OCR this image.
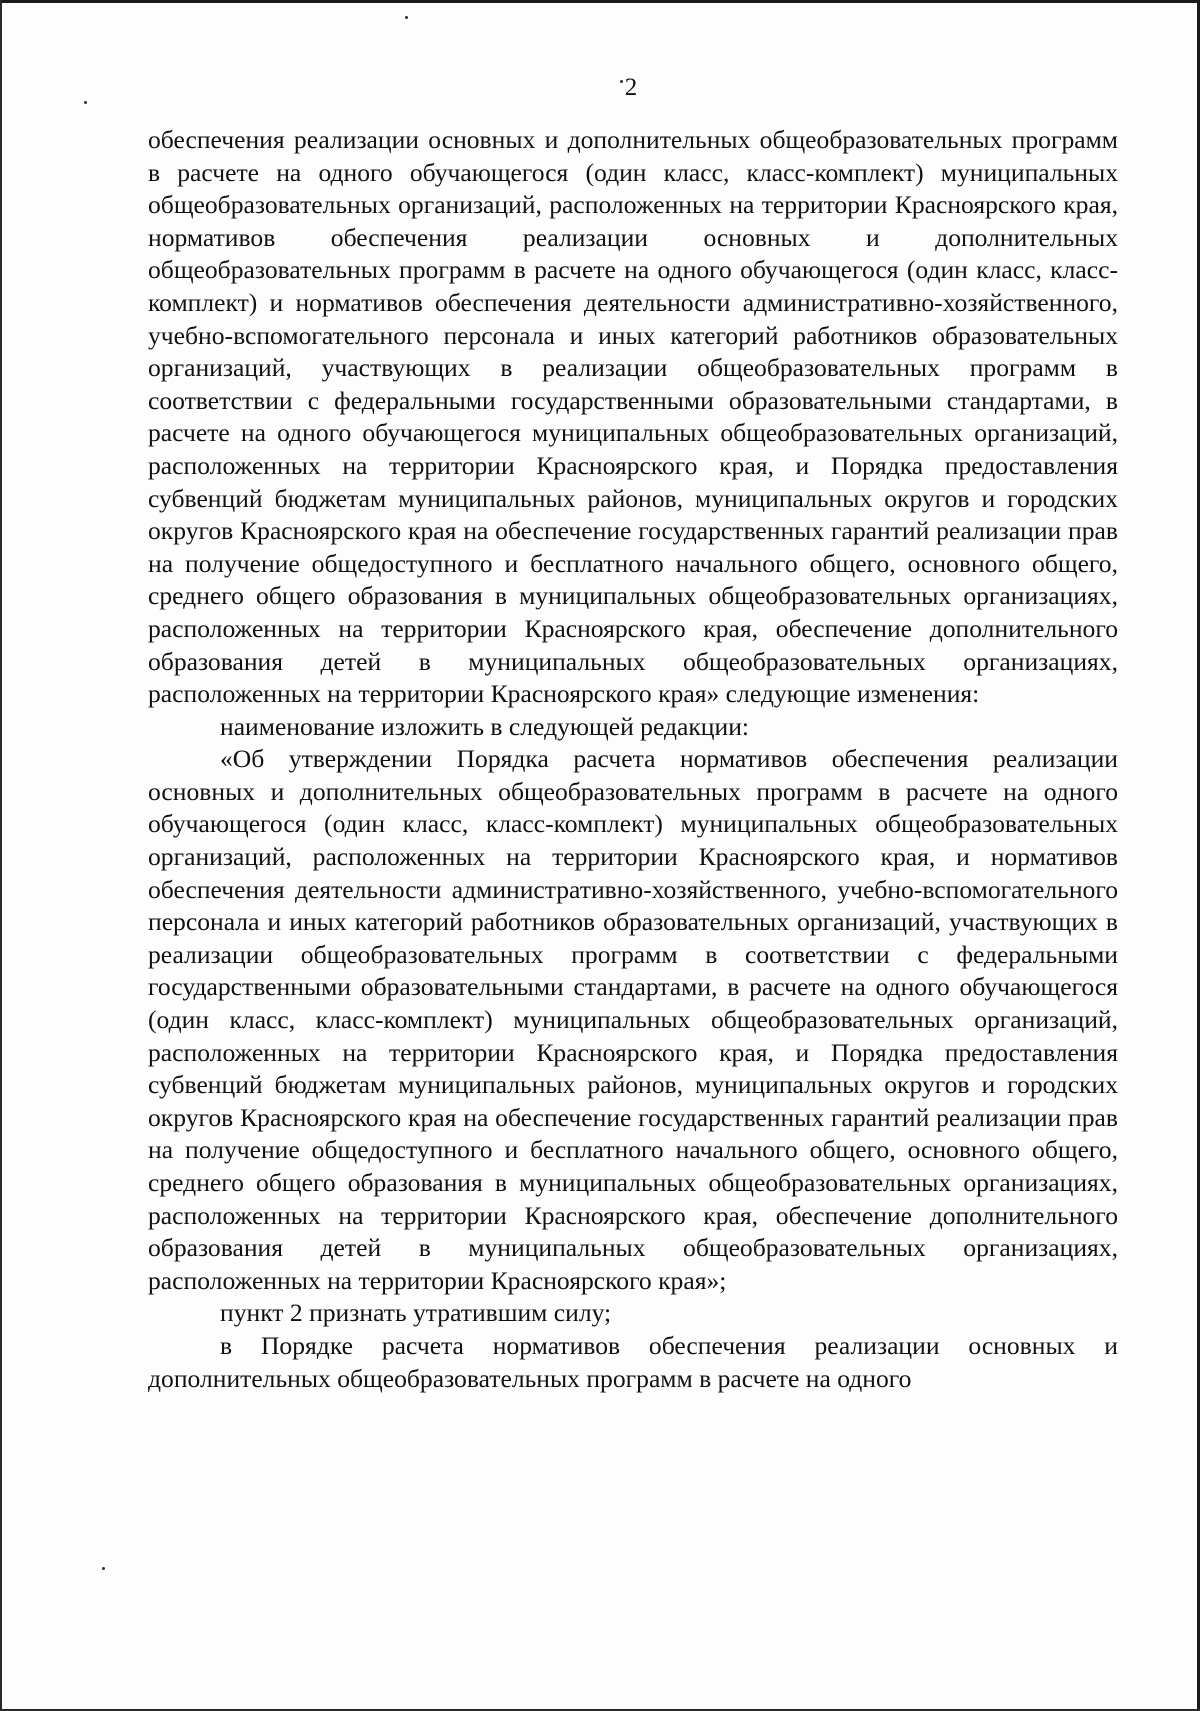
2

обеспечения реализации основных и дополнительных общеобразовательных программ в расчете на одного обучающегося (один класс, класс-комплект) муниципальных общеобразовательных организаций, расположенных на территории Красноярского края, нормативов обеспечения реализации основных и дополнительных общеобразовательных программ в расчете на одного обучающегося (один класс, класс-комплект) и нормативов обеспечения деятельности административно-хозяйственного, учебно-вспомогательного персонала и иных категорий работников образовательных организаций, участвующих в реализации общеобразовательных программ в соответствии с федеральными государственными образовательными стандартами, в расчете на одного обучающегося муниципальных общеобразовательных организаций, расположенных на территории Красноярского края, и Порядка предоставления субвенций бюджетам муниципальных районов, муниципальных округов и городских округов Красноярского края на обеспечение государственных гарантий реализации прав на получение общедоступного и бесплатного начального общего, основного общего, среднего общего образования в муниципальных общеобразовательных организациях, расположенных на территории Красноярского края, обеспечение дополнительного образования детей в муниципальных общеобразовательных организациях, расположенных на территории Красноярского края» следующие изменения:

наименование изложить в следующей редакции:

«Об утверждении Порядка расчета нормативов обеспечения реализации основных и дополнительных общеобразовательных программ в расчете на одного обучающегося (один класс, класс-комплект) муниципальных общеобразовательных организаций, расположенных на территории Красноярского края, и нормативов обеспечения деятельности административно-хозяйственного, учебно-вспомогательного персонала и иных категорий работников образовательных организаций, участвующих в реализации общеобразовательных программ в соответствии с федеральными государственными образовательными стандартами, в расчете на одного обучающегося (один класс, класс-комплект) муниципальных общеобразовательных организаций, расположенных на территории Красноярского края, и Порядка предоставления субвенций бюджетам муниципальных районов, муниципальных округов и городских округов Красноярского края на обеспечение государственных гарантий реализации прав на получение общедоступного и бесплатного начального общего, основного общего, среднего общего образования в муниципальных общеобразовательных организациях, расположенных на территории Красноярского края, обеспечение дополнительного образования детей в муниципальных общеобразовательных организациях, расположенных на территории Красноярского края»;

пункт 2 признать утратившим силу;

в Порядке расчета нормативов обеспечения реализации основных и дополнительных общеобразовательных программ в расчете на одного
